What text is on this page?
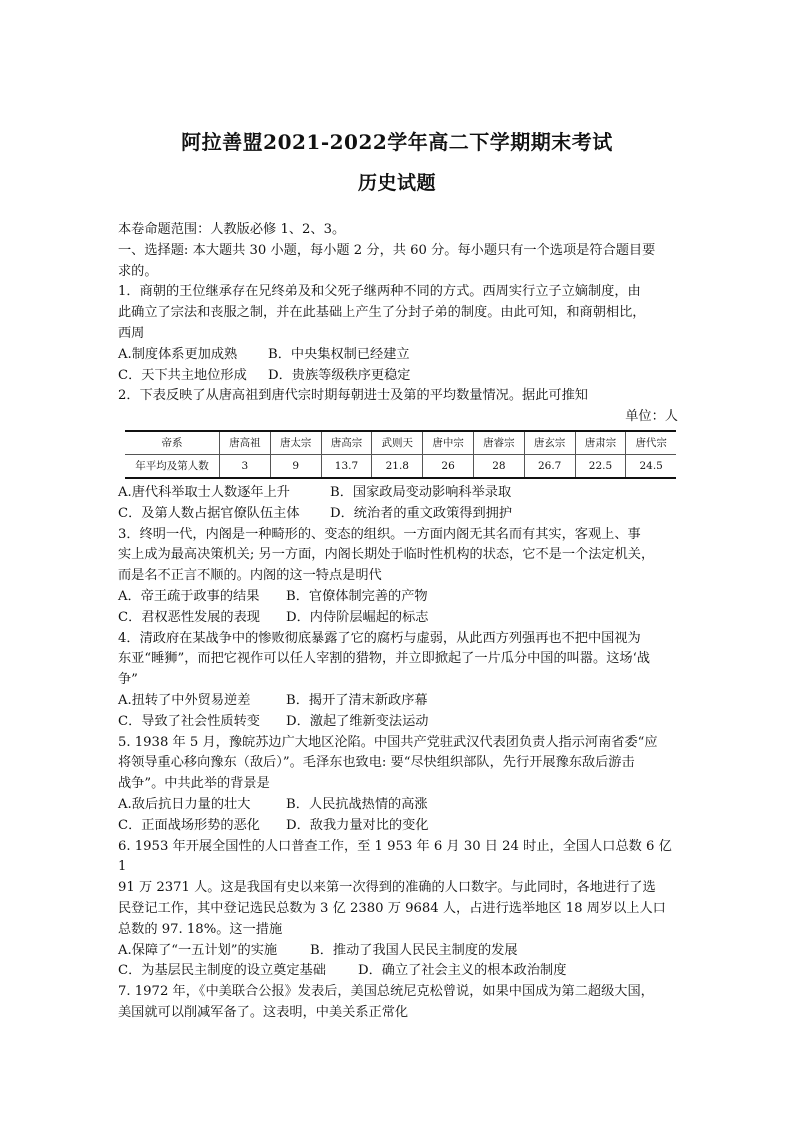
阿拉善盟2021-2022学年高二下学期期末考试
历史试题

本卷命题范围：人教版必修 1、2、3。

一、选择题: 本大题共 30 小题，每小题 2 分，共 60 分。每小题只有一个选项是符合题目要

求的。

1．商朝的王位继承存在兄终弟及和父死子继两种不同的方式。西周实行立子立嫡制度，由

此确立了宗法和丧服之制，并在此基础上产生了分封子弟的制度。由此可知，和商朝相比，

西周

A.制度体系更加成熟	B．中央集权制已经建立
C．天下共主地位形成	D．贵族等级秩序更稳定

2．下表反映了从唐高祖到唐代宗时期每朝进士及第的平均数量情况。据此可推知

单位：人

帝系	唐高祖	唐太宗	唐高宗	武则天	唐中宗	唐睿宗	唐玄宗	唐肃宗	唐代宗
年平均及第人数	3	9	13.7	21.8	26	28	26.7	22.5	24.5
A.唐代科举取士人数逐年上升	B．国家政局变动影响科举录取
C．及第人数占据官僚队伍主体	D．统治者的重文政策得到拥护

3．终明一代，内阁是一种畸形的、变态的组织。一方面内阁无其名而有其实，客观上、事

实上成为最高决策机关; 另一方面，内阁长期处于临时性机构的状态，它不是一个法定机关，

而是名不正言不顺的。内阁的这一特点是明代

A．帝王疏于政事的结果	B．官僚体制完善的产物
C．君权恶性发展的表现	D．内侍阶层崛起的标志

4．清政府在某战争中的惨败彻底暴露了它的腐朽与虚弱，从此西方列强再也不把中国视为

东亚“睡狮”，而把它视作可以任人宰割的猎物，并立即掀起了一片瓜分中国的叫嚣。这场‘战

争”

A.扭转了中外贸易逆差	B．揭开了清末新政序幕
C．导致了社会性质转变	D．激起了维新变法运动

5. 1938 年 5 月，豫皖苏边广大地区沦陷。中国共产党驻武汉代表团负责人指示河南省委“应

将领导重心移向豫东（敌后）”。毛泽东也致电: 要“尽快组织部队，先行开展豫东敌后游击

战争”。中共此举的背景是

A.敌后抗日力量的壮大	B．人民抗战热情的高涨
C．正面战场形势的恶化	D．敌我力量对比的变化

6. 1953 年开展全国性的人口普查工作，至 1 953 年 6 月 30 日 24 时止，全国人口总数 6 亿 1

91 万 2371 人。这是我国有史以来第一次得到的准确的人口数字。与此同时，各地进行了选

民登记工作，其中登记选民总数为 3 亿 2380 万 9684 人，占进行选举地区 18 周岁以上人口

总数的 97. 18%。这一措施

A.保障了“一五计划”的实施	B．推动了我国人民民主制度的发展
C．为基层民主制度的设立奠定基础	D．确立了社会主义的根本政治制度

7. 1972 年，《中美联合公报》发表后，美国总统尼克松曾说，如果中国成为第二超级大国，

美国就可以削减军备了。这表明，中美关系正常化
